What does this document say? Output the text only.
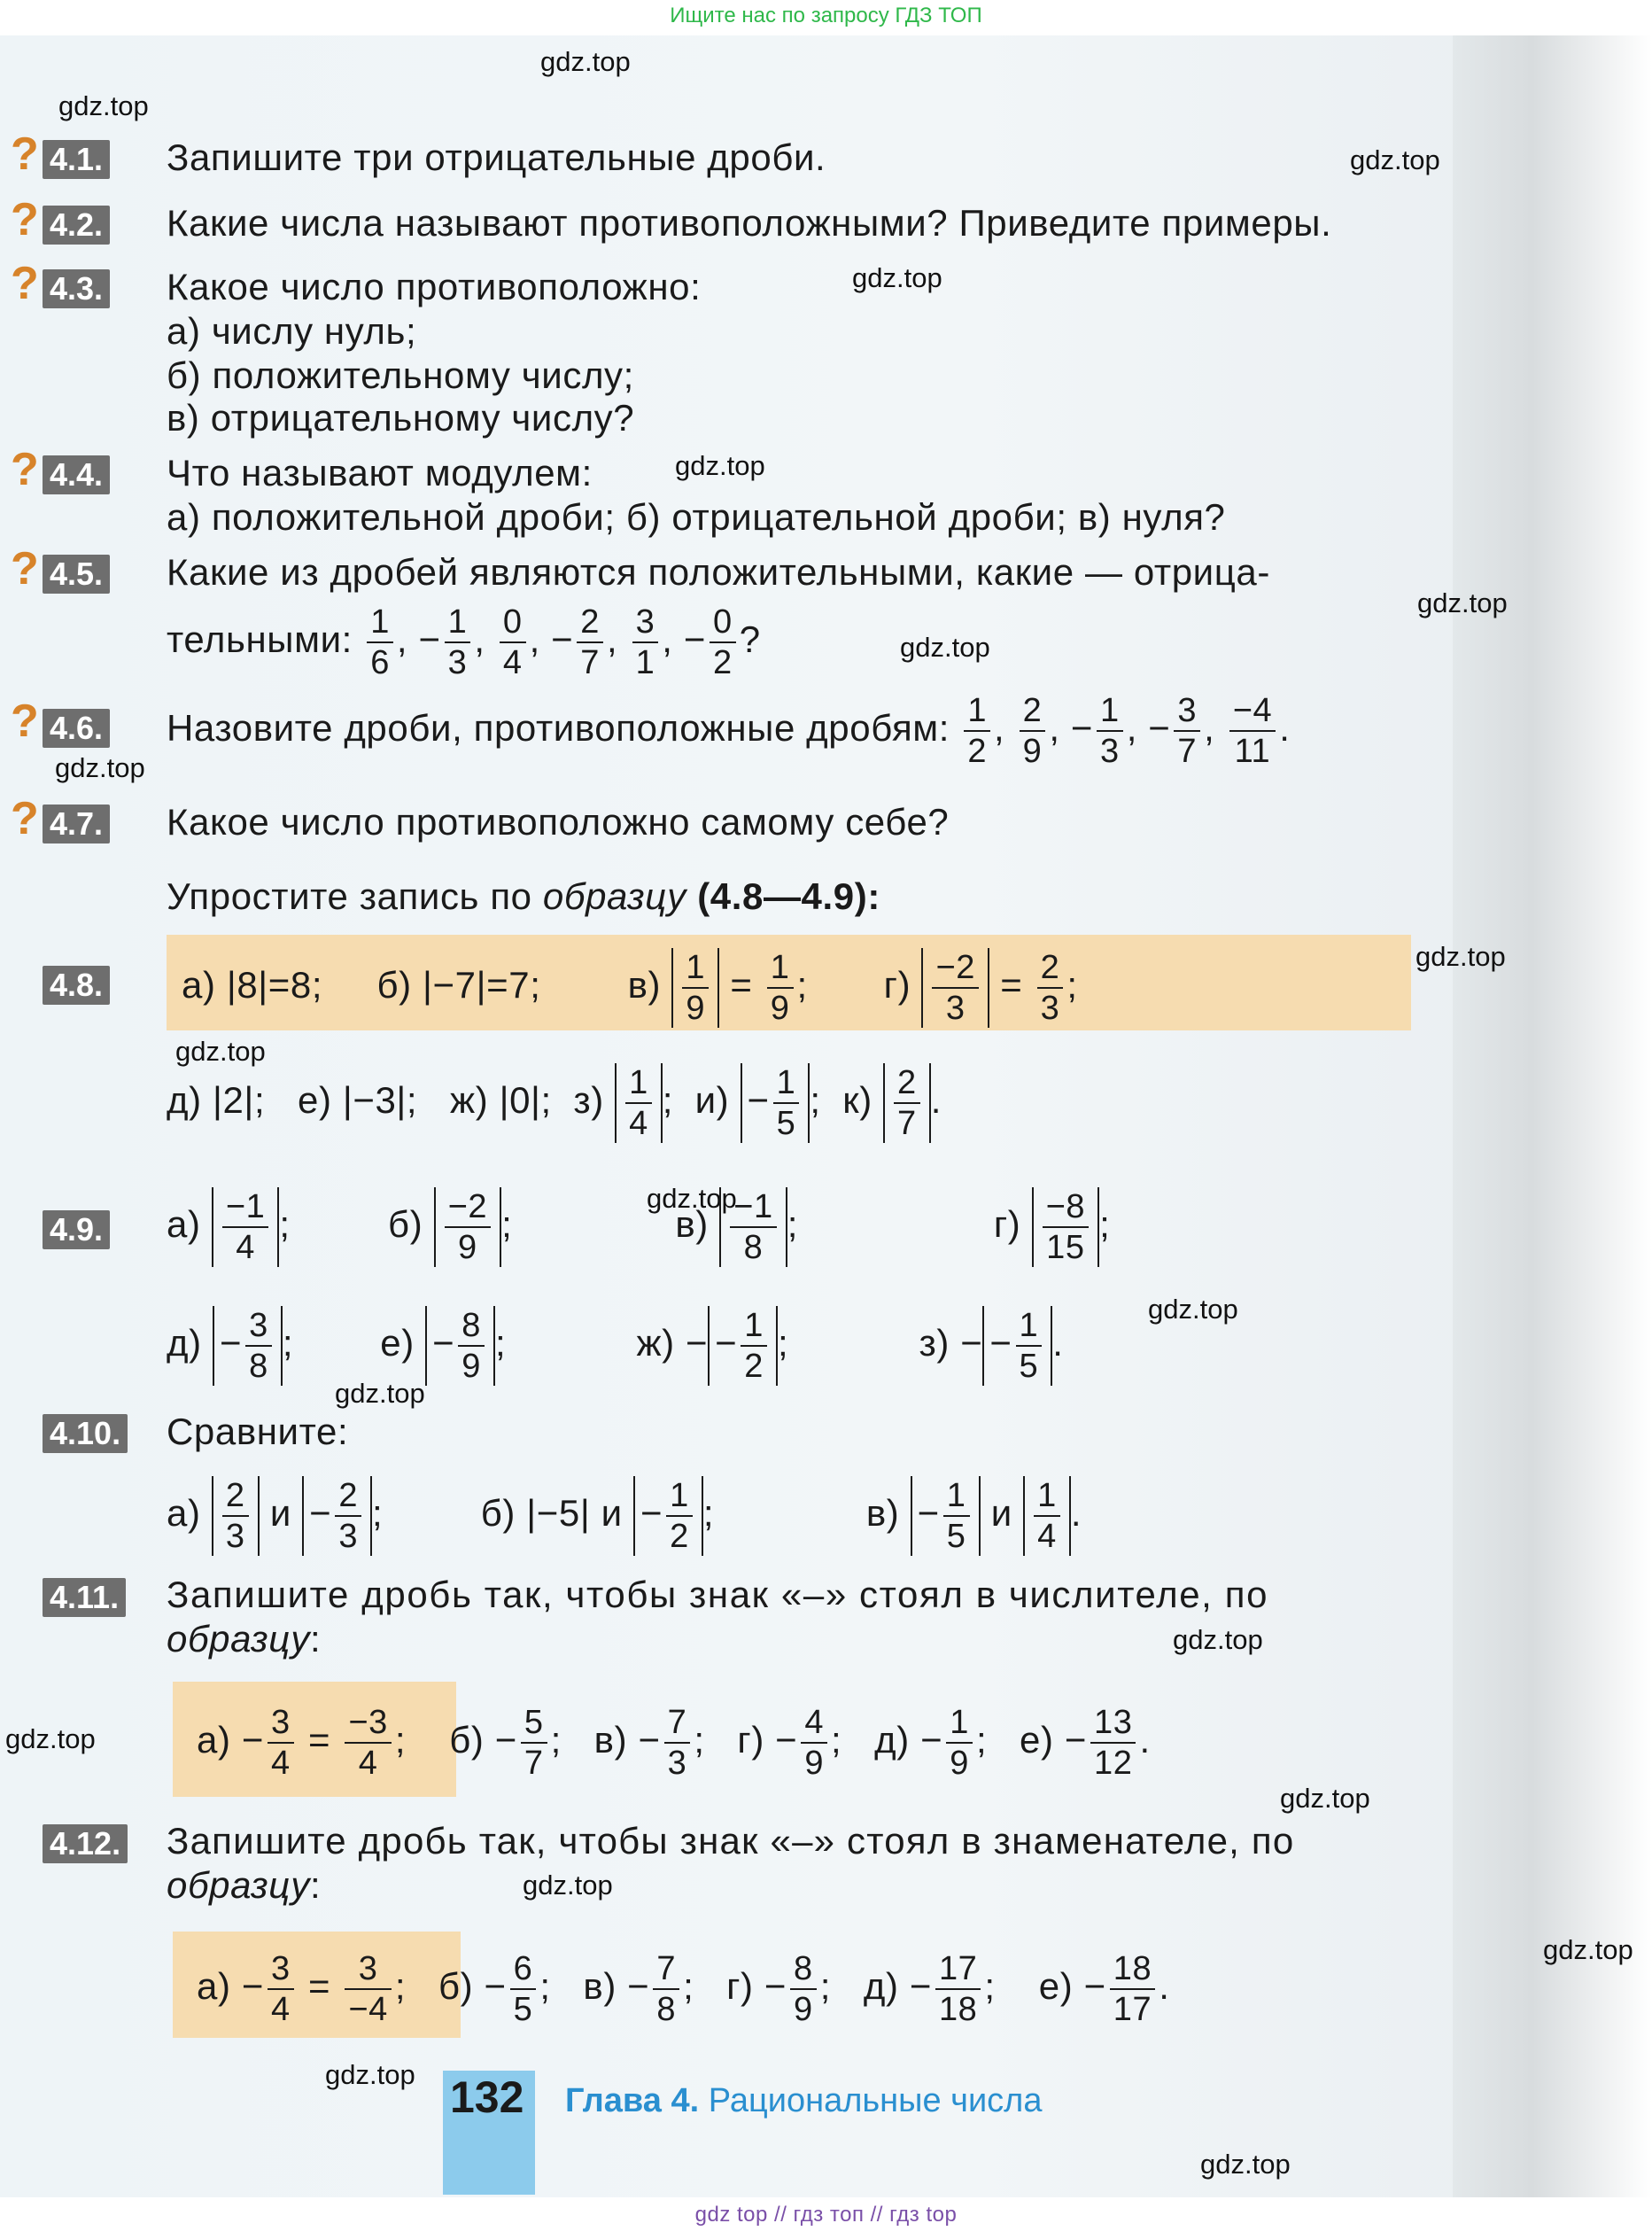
Ищите нас по запросу ГДЗ ТОП
gdz.top
gdz.top
gdz.top
gdz.top
gdz.top
gdz.top
gdz.top
gdz.top
gdz.top
gdz.top
gdz.top
gdz.top
gdz.top
gdz.top
gdz.top
gdz.top
gdz.top
gdz.top
gdz.top
gdz.top
? 4.1. Запишите три отрицательные дроби.
? 4.2. Какие числа называют противоположными? Приведите примеры.
? 4.3. Какое число противоположно:
а) числу нуль;
б) положительному числу;
в) отрицательному числу?
? 4.4. Что называют модулем:
а) положительной дроби; б) отрицательной дроби; в) нуля?
? 4.5. Какие из дробей являются положительными, какие — отрица-
тельными: $\frac{1}{6}$ , − $\frac{1}{3}$ , $\frac{0}{4}$ , − $\frac{2}{7}$ , $\frac{3}{1}$ , − $\frac{0}{2}$ ?
? 4.6. Назовите дроби, противоположные дробям: $\frac{1}{2}$ , $\frac{2}{9}$ , − $\frac{1}{3}$ , − $\frac{3}{7}$ , $\frac{-4}{11}$ .
? 4.7. Какое число противоположно самому себе?
Упростите запись по образцу (4.8—4.9):
4.8. а) |8|=8;     б) |−7|=7;        $в) \frac{1}{9} = \frac{1}{9}$ ;       $г) \frac{-2}{3} = \frac{2}{3}$ ;
д) |2|;   е) |−3|;   ж) |0|;  $з) \frac{1}{4}$ ;  $и) - \frac{1}{5}$ ;  $к) \frac{2}{7}$ .
4.9. $а) \frac{-1}{4}$ ;         $б) \frac{-2}{9}$ ;               $в) \frac{-1}{8}$ ;                  $г) \frac{-8}{15}$ ;
$д) - \frac{3}{8}$ ;        $е) - \frac{8}{9}$ ;            ж) − − $\frac{1}{2}$ ;            з) − − $\frac{1}{5}$ .
4.10. Сравните:
$а) \frac{2}{3}$ $и - \frac{2}{3}$ ;         б) |−5| $и - \frac{1}{2}$ ;              $в) - \frac{1}{5}$ и $\frac{1}{4}$ .
4.11. Запишите дробь так, чтобы знак «–» стоял в числителе, по
образцу:
$а) - \frac{3}{4} = \frac{-3}{4}$ ;    $б) - \frac{5}{7}$ ;   $в) - \frac{7}{3}$ ;   $г) - \frac{4}{9}$ ;   $д) - \frac{1}{9}$ ;   $е) - \frac{13}{12}$ .
4.12. Запишите дробь так, чтобы знак «–» стоял в знаменателе, по
образцу:
$а) - \frac{3}{4} = \frac{3}{-4}$ ;   $б) - \frac{6}{5}$ ;   $в) - \frac{7}{8}$ ;   $г) - \frac{8}{9}$ ;   $д) - \frac{17}{18}$ ;    $е) - \frac{18}{17}$ .
132 Глава 4. Рациональные числа
gdz top // гдз топ // гдз top
